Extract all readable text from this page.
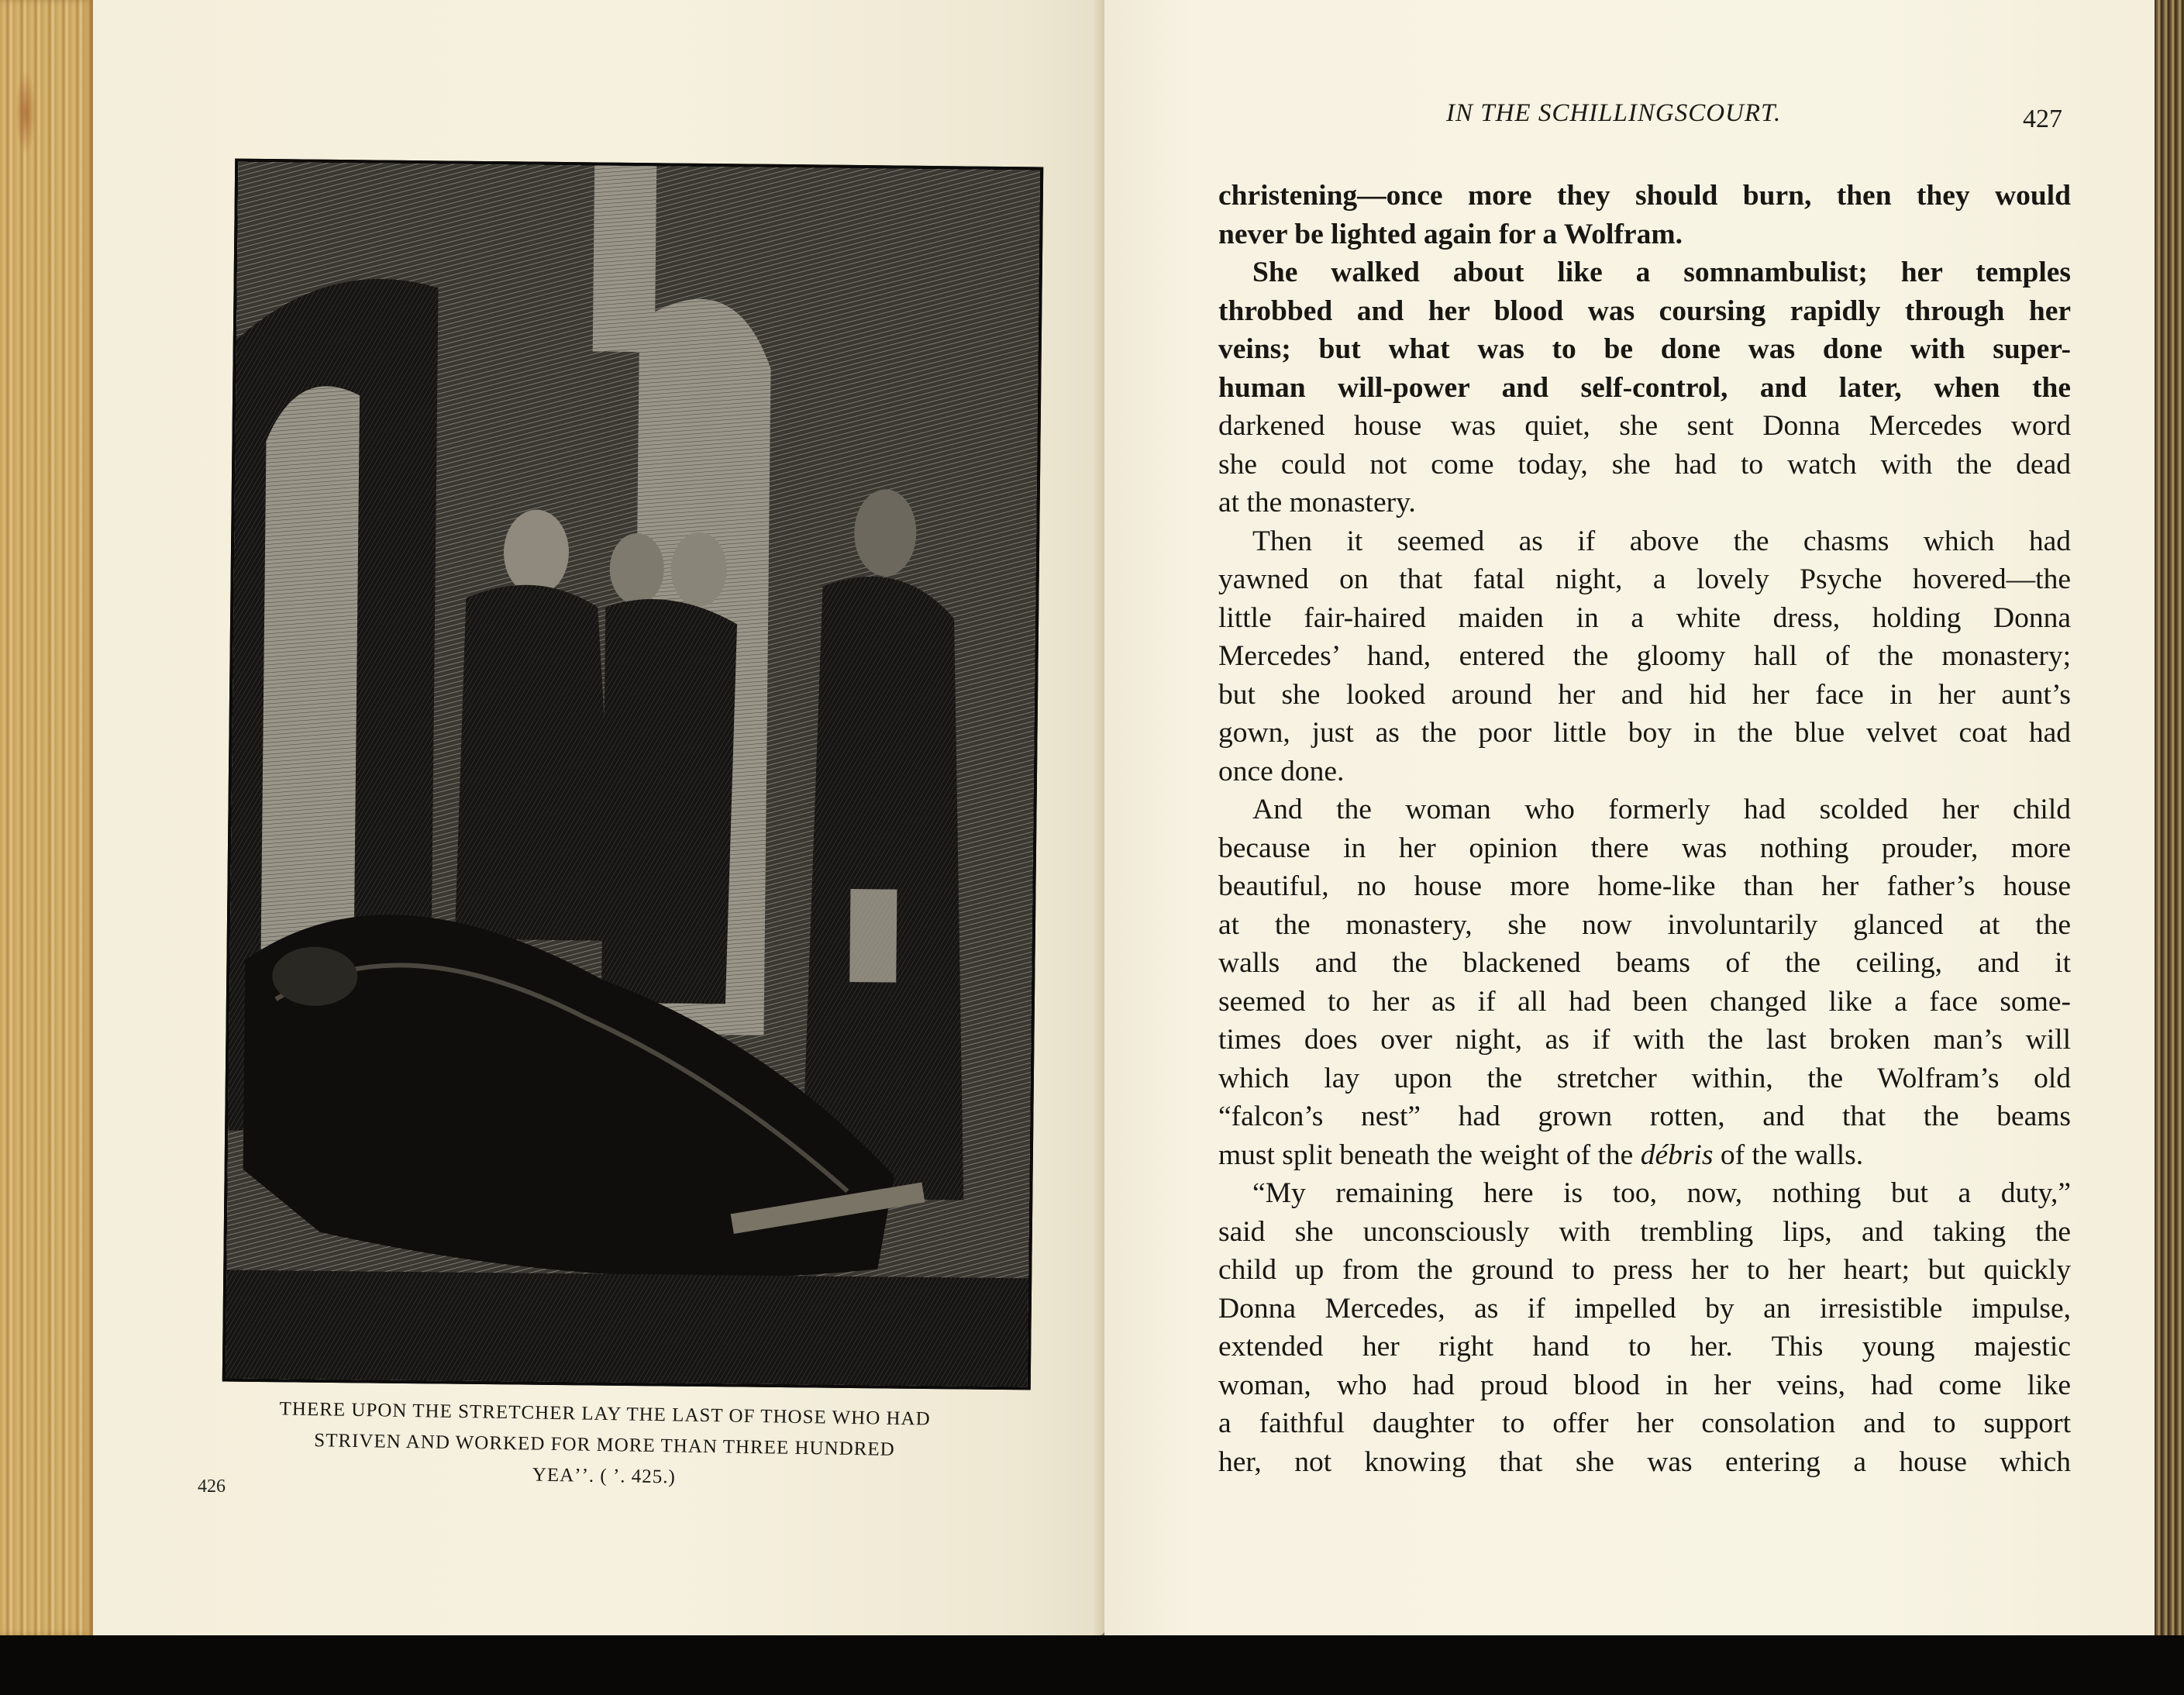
THERE UPON THE STRETCHER LAY THE LAST OF THOSE WHO HAD
STRIVEN AND WORKED FOR MORE THAN THREE HUNDRED
YEAʼʼ. ( ʼ. 425.)
426
IN THE SCHILLINGSCOURT.	427
christening—once more they should burn, then they would
never be lighted again for a Wolfram.
She walked about like a somnambulist; her temples
throbbed and her blood was coursing rapidly through her
veins; but what was to be done was done with super-
human will-power and self-control, and later, when the
darkened house was quiet, she sent Donna Mercedes word
she could not come today, she had to watch with the dead
at the monastery.
Then it seemed as if above the chasms which had
yawned on that fatal night, a lovely Psyche hovered—the
little fair-haired maiden in a white dress, holding Donna
Mercedes’ hand, entered the gloomy hall of the monastery;
but she looked around her and hid her face in her aunt’s
gown, just as the poor little boy in the blue velvet coat had
once done.
And the woman who formerly had scolded her child
because in her opinion there was nothing prouder, more
beautiful, no house more home-like than her father’s house
at the monastery, she now involuntarily glanced at the
walls and the blackened beams of the ceiling, and it
seemed to her as if all had been changed like a face some-
times does over night, as if with the last broken man’s will
which lay upon the stretcher within, the Wolfram’s old
“falcon’s nest” had grown rotten, and that the beams
must split beneath the weight of the débris of the walls.
“My remaining here is too, now, nothing but a duty,”
said she unconsciously with trembling lips, and taking the
child up from the ground to press her to her heart; but quickly
Donna Mercedes, as if impelled by an irresistible impulse,
extended her right hand to her. This young majestic
woman, who had proud blood in her veins, had come like
a faithful daughter to offer her consolation and to support
her, not knowing that she was entering a house which
